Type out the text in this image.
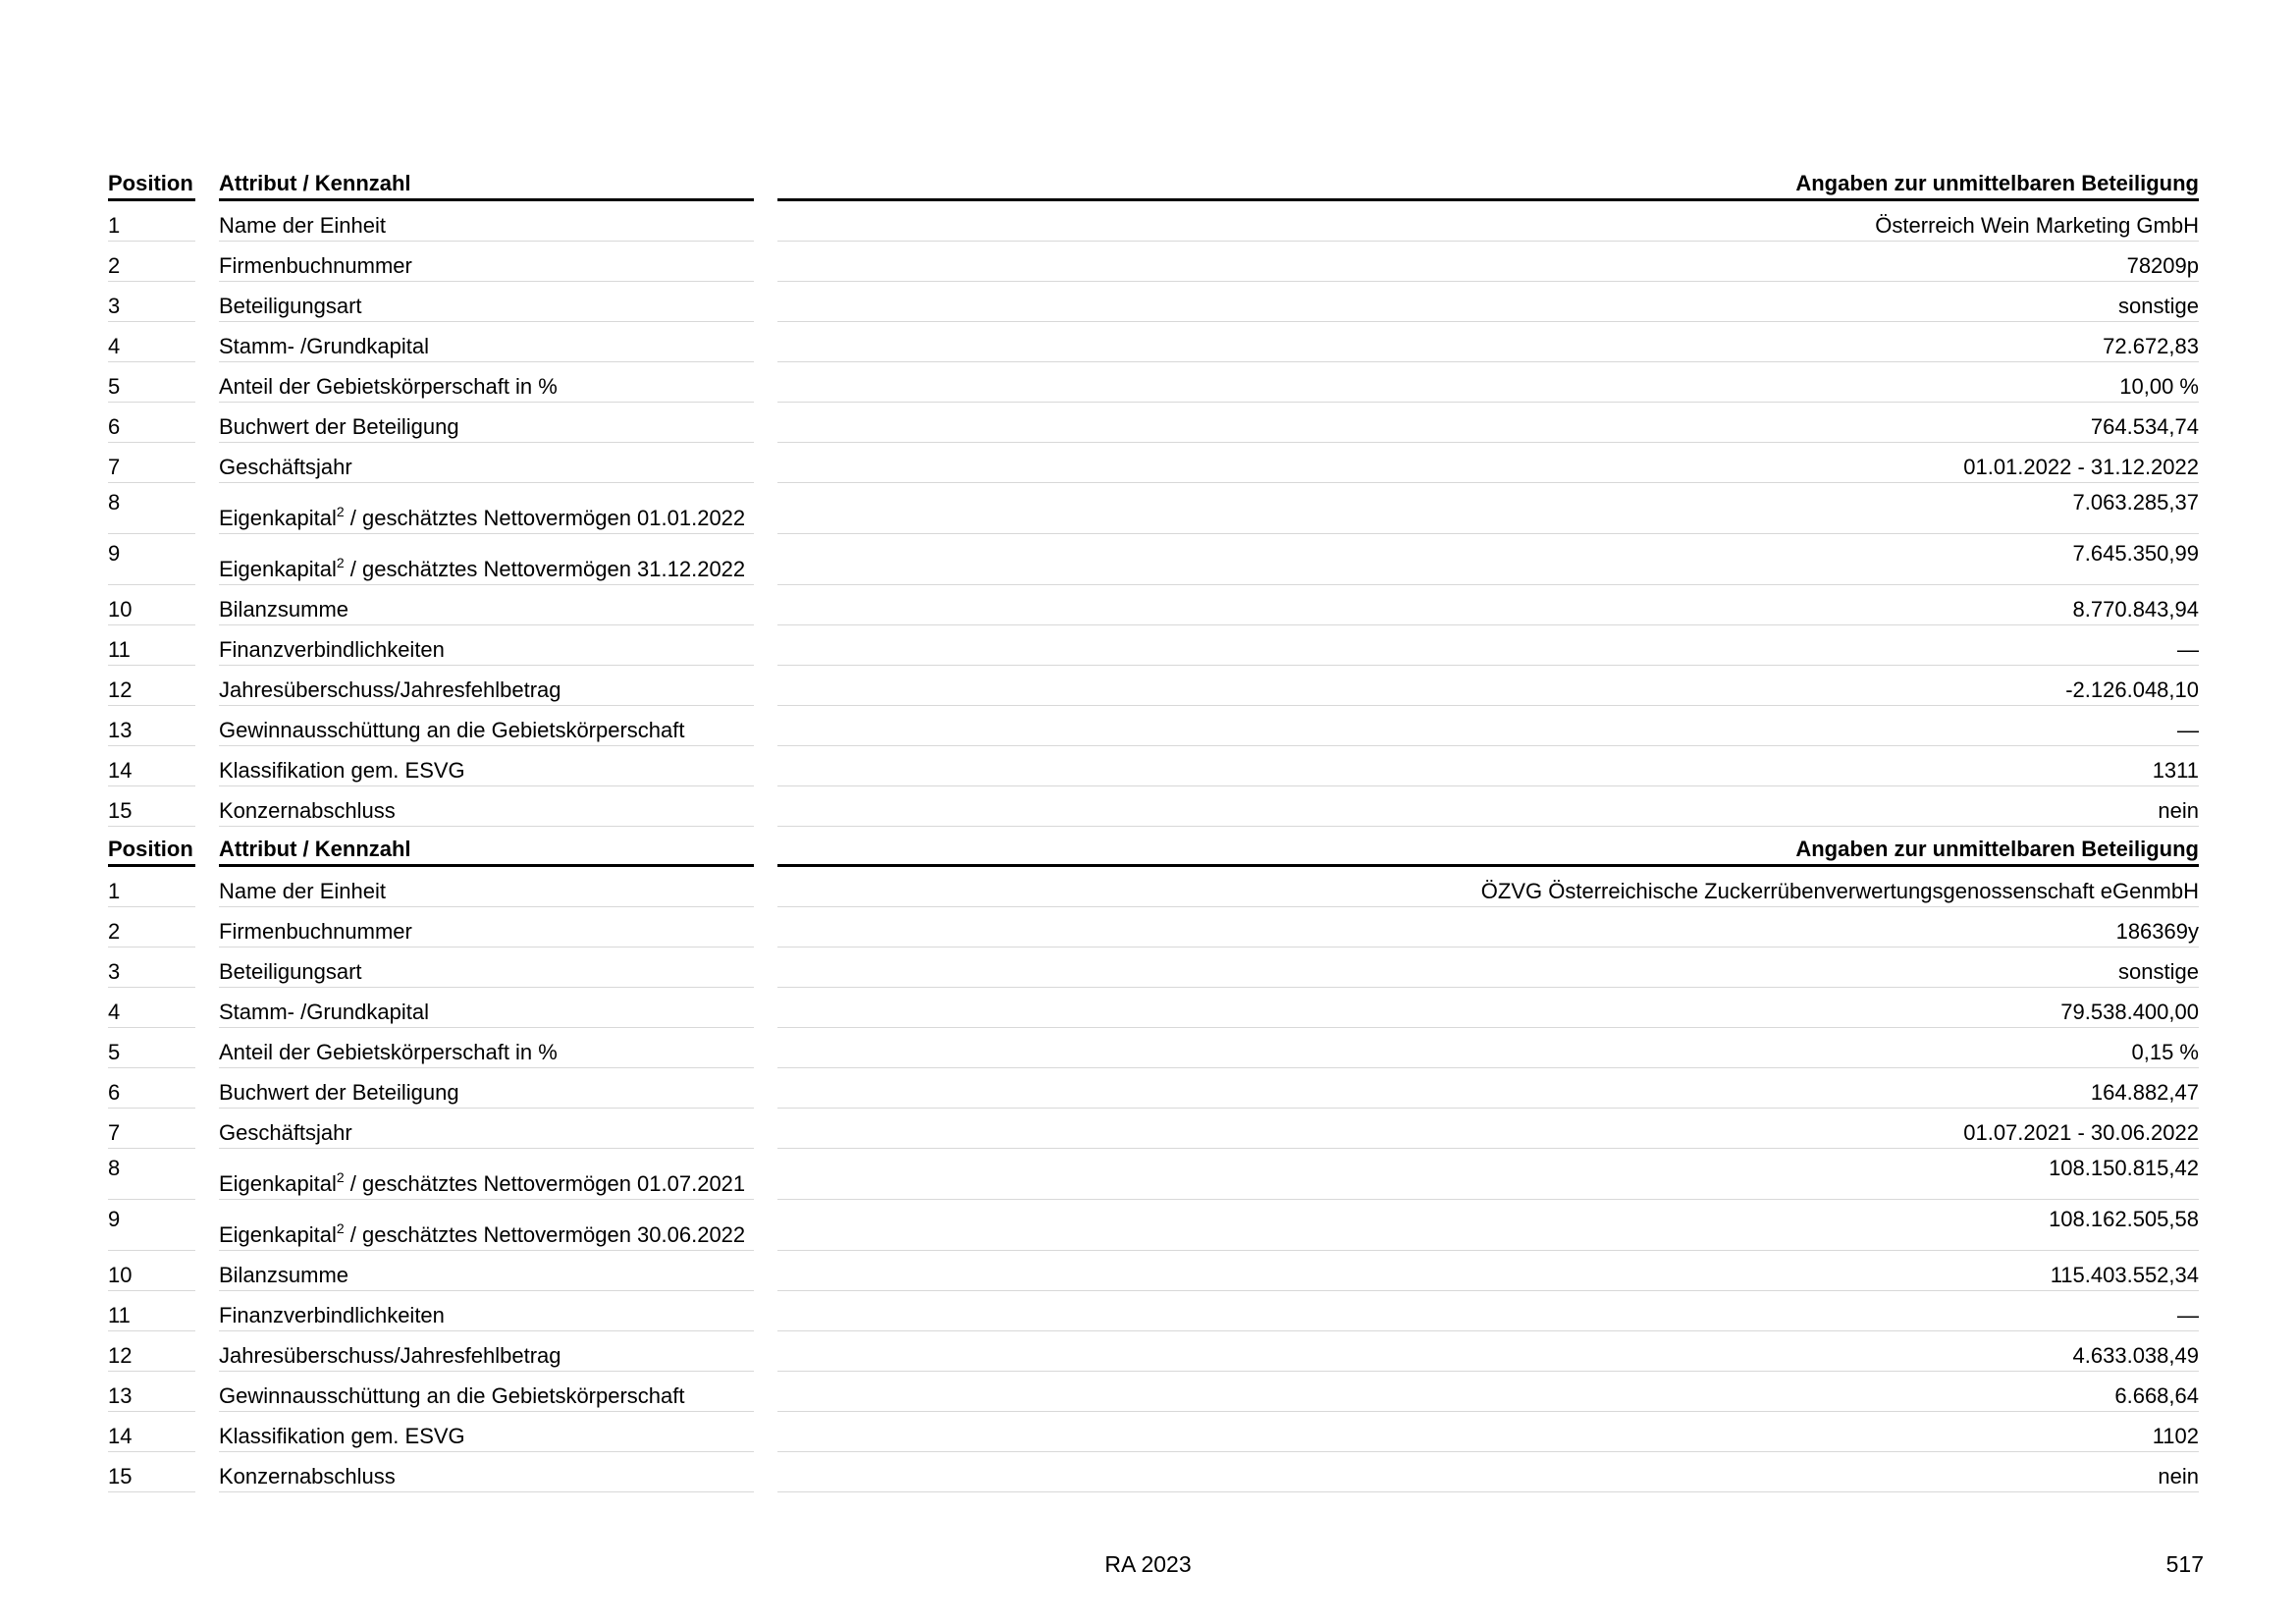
Position		Attribut / Kennzahl		Angaben zur unmittelbaren Beteiligung
1		Name der Einheit		Österreich Wein Marketing GmbH
2		Firmenbuchnummer		78209p
3		Beteiligungsart		sonstige
4		Stamm- /Grundkapital		72.672,83
5		Anteil der Gebietskörperschaft in %		10,00 %
6		Buchwert der Beteiligung		764.534,74
7		Geschäftsjahr		01.01.2022 - 31.12.2022
8		Eigenkapital$^2$ / geschätztes Nettovermögen 01.01.2022		7.063.285,37
9		Eigenkapital$^2$ / geschätztes Nettovermögen 31.12.2022		7.645.350,99
10		Bilanzsumme		8.770.843,94
11		Finanzverbindlichkeiten		—
12		Jahresüberschuss/Jahresfehlbetrag		-2.126.048,10
13		Gewinnausschüttung an die Gebietskörperschaft		—
14		Klassifikation gem. ESVG		1311
15		Konzernabschluss		nein
Position		Attribut / Kennzahl		Angaben zur unmittelbaren Beteiligung
1		Name der Einheit		ÖZVG Österreichische Zuckerrübenverwertungsgenossenschaft eGenmbH
2		Firmenbuchnummer		186369y
3		Beteiligungsart		sonstige
4		Stamm- /Grundkapital		79.538.400,00
5		Anteil der Gebietskörperschaft in %		0,15 %
6		Buchwert der Beteiligung		164.882,47
7		Geschäftsjahr		01.07.2021 - 30.06.2022
8		Eigenkapital$^2$ / geschätztes Nettovermögen 01.07.2021		108.150.815,42
9		Eigenkapital$^2$ / geschätztes Nettovermögen 30.06.2022		108.162.505,58
10		Bilanzsumme		115.403.552,34
11		Finanzverbindlichkeiten		—
12		Jahresüberschuss/Jahresfehlbetrag		4.633.038,49
13		Gewinnausschüttung an die Gebietskörperschaft		6.668,64
14		Klassifikation gem. ESVG		1102
15		Konzernabschluss		nein
RA 2023	517
